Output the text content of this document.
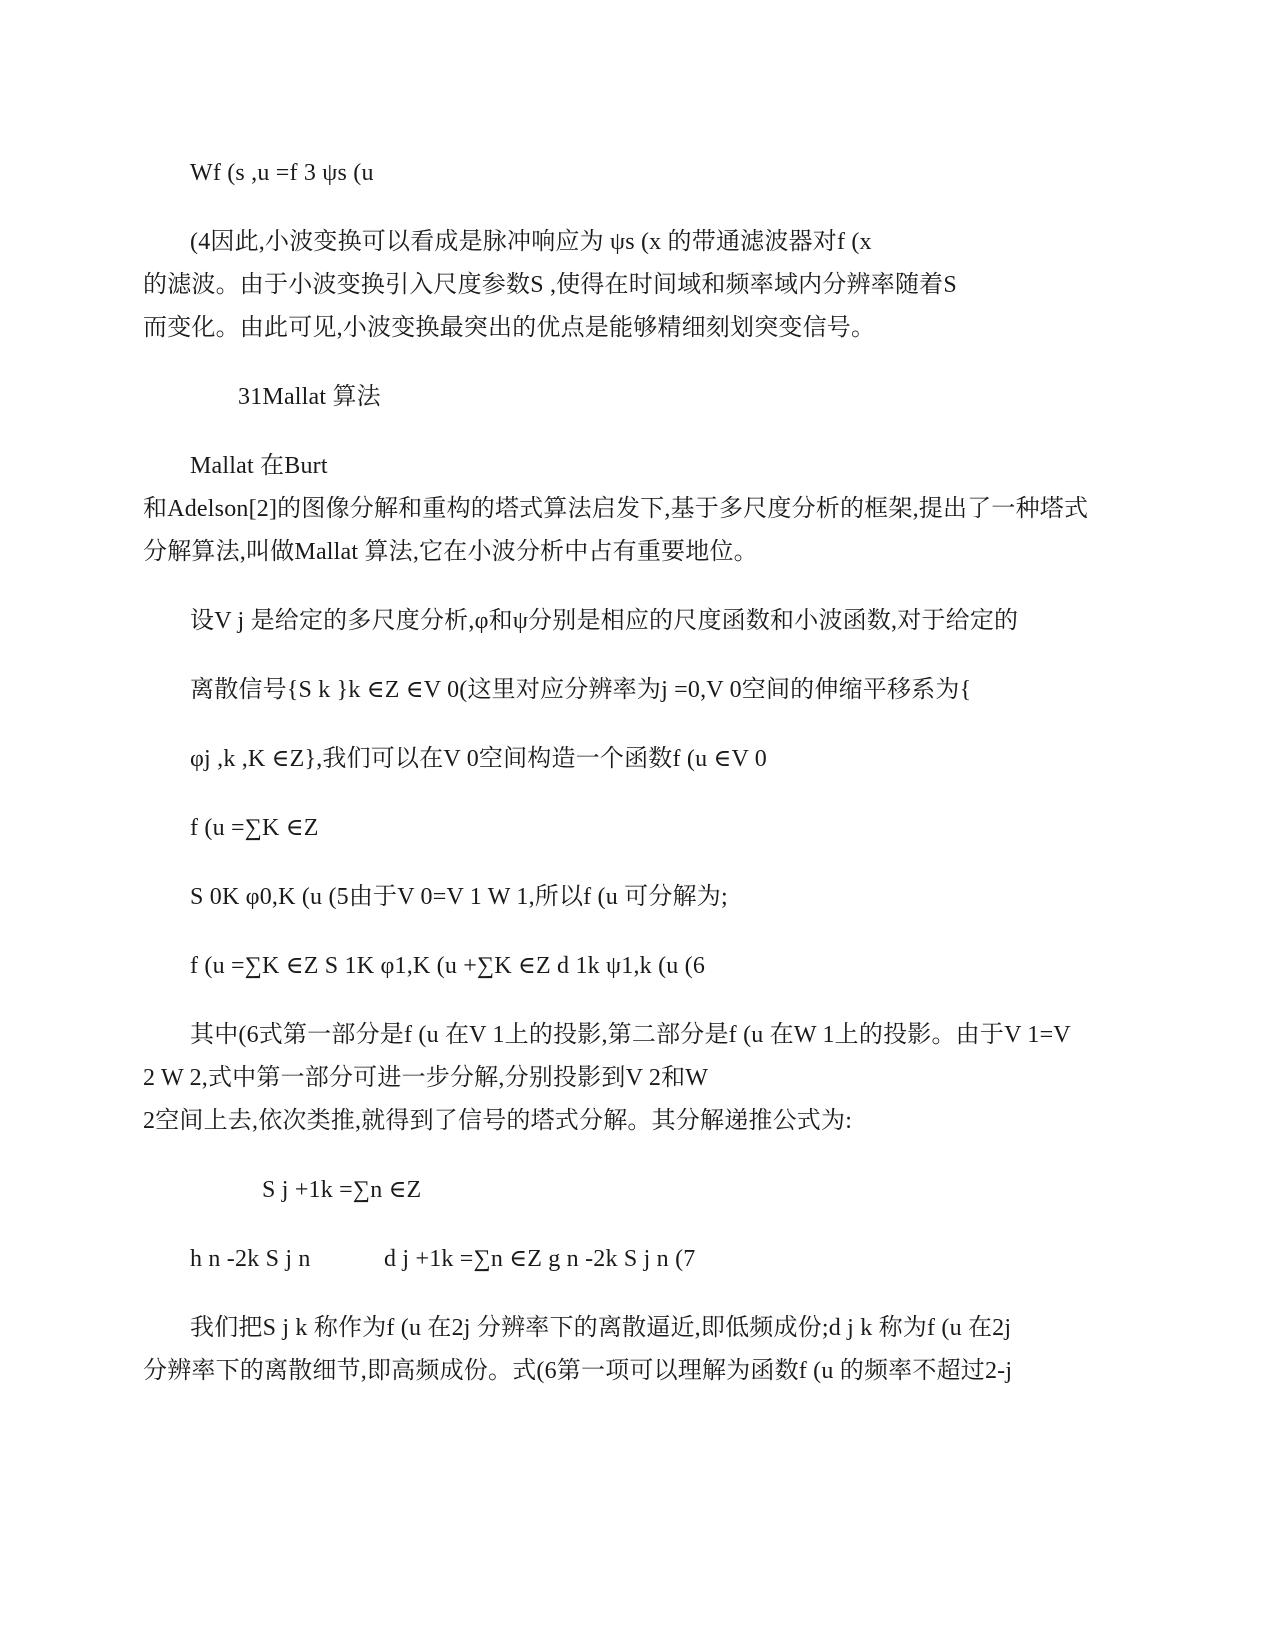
Wf (s ,u =f 3 ψs (u
(4因此,小波变换可以看成是脉冲响应为 ψs (x 的带通滤波器对f (x
的滤波。由于小波变换引入尺度参数S ,使得在时间域和频率域内分辨率随着S
而变化。由此可见,小波变换最突出的优点是能够精细刻划突变信号。
31Mallat 算法
Mallat 在Burt
和Adelson[2]的图像分解和重构的塔式算法启发下,基于多尺度分析的框架,提出了一种塔式
分解算法,叫做Mallat 算法,它在小波分析中占有重要地位。
设V j 是给定的多尺度分析,φ和ψ分别是相应的尺度函数和小波函数,对于给定的
离散信号{S k }k ∈Z ∈V 0(这里对应分辨率为j =0,V 0空间的伸缩平移系为{
φj ,k ,K ∈Z},我们可以在V 0空间构造一个函数f (u ∈V 0
f (u =∑K ∈Z
S 0K φ0,K (u (5由于V 0=V 1 W 1,所以f (u 可分解为;
f (u =∑K ∈Z S 1K φ1,K (u +∑K ∈Z d 1k ψ1,k (u (6
其中(6式第一部分是f (u 在V 1上的投影,第二部分是f (u 在W 1上的投影。由于V 1=V
2 W 2,式中第一部分可进一步分解,分别投影到V 2和W
2空间上去,依次类推,就得到了信号的塔式分解。其分解递推公式为:
S j +1k =∑n ∈Z
h n -2k S j n	d j +1k =∑n ∈Z g n -2k S j n (7
我们把S j k 称作为f (u 在2j 分辨率下的离散逼近,即低频成份;d j k 称为f (u 在2j
分辨率下的离散细节,即高频成份。式(6第一项可以理解为函数f (u 的频率不超过2-j
